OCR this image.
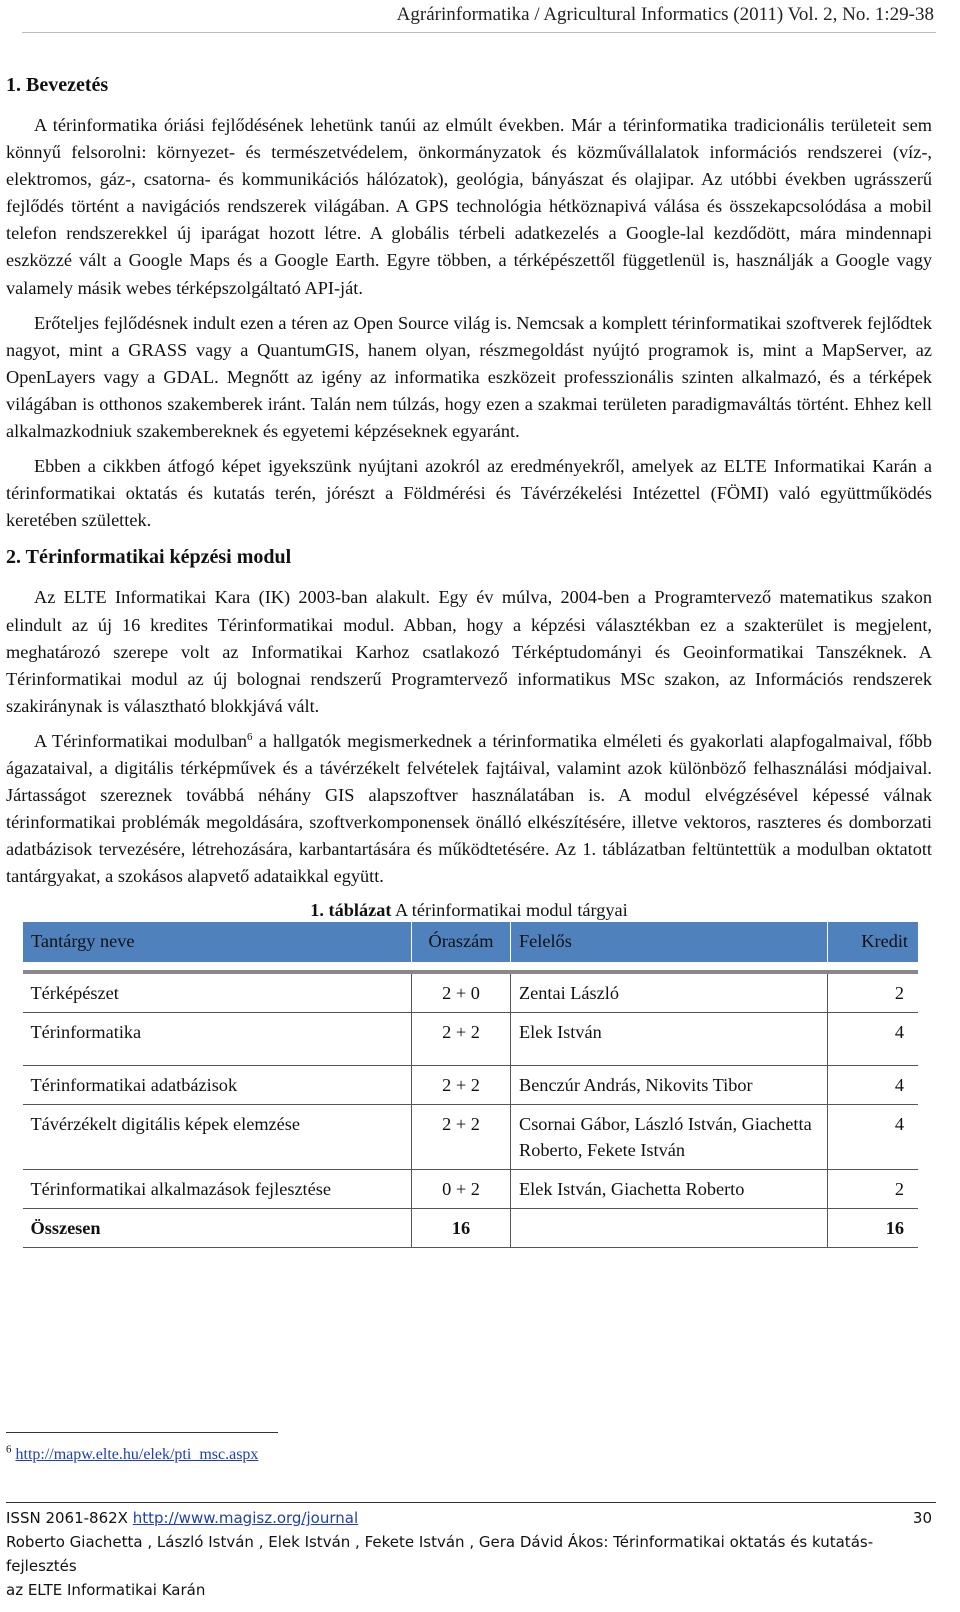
Agrárinformatika / Agricultural Informatics (2011) Vol. 2, No. 1:29-38
1. Bevezetés

A térinformatika óriási fejlődésének lehetünk tanúi az elmúlt években. Már a térinformatika tradicionális területeit sem könnyű felsorolni: környezet- és természetvédelem, önkormányzatok és közművállalatok információs rendszerei (víz-, elektromos, gáz-, csatorna- és kommunikációs hálózatok), geológia, bányászat és olajipar. Az utóbbi években ugrásszerű fejlődés történt a navigációs rendszerek világában. A GPS technológia hétköznapivá válása és összekapcsolódása a mobil telefon rendszerekkel új iparágat hozott létre. A globális térbeli adatkezelés a Google-lal kezdődött, mára mindennapi eszközzé vált a Google Maps és a Google Earth. Egyre többen, a térképészettől függetlenül is, használják a Google vagy valamely másik webes térképszolgáltató API-ját.

Erőteljes fejlődésnek indult ezen a téren az Open Source világ is. Nemcsak a komplett térinformatikai szoftverek fejlődtek nagyot, mint a GRASS vagy a QuantumGIS, hanem olyan, részmegoldást nyújtó programok is, mint a MapServer, az OpenLayers vagy a GDAL. Megnőtt az igény az informatika eszközeit professzionális szinten alkalmazó, és a térképek világában is otthonos szakemberek iránt. Talán nem túlzás, hogy ezen a szakmai területen paradigmaváltás történt. Ehhez kell alkalmazkodniuk szakembereknek és egyetemi képzéseknek egyaránt.

Ebben a cikkben átfogó képet igyekszünk nyújtani azokról az eredményekről, amelyek az ELTE Informatikai Karán a térinformatikai oktatás és kutatás terén, jórészt a Földmérési és Távérzékelési Intézettel (FÖMI) való együttműködés keretében születtek.

2. Térinformatikai képzési modul

Az ELTE Informatikai Kara (IK) 2003-ban alakult. Egy év múlva, 2004-ben a Programtervező matematikus szakon elindult az új 16 kredites Térinformatikai modul. Abban, hogy a képzési választékban ez a szakterület is megjelent, meghatározó szerepe volt az Informatikai Karhoz csatlakozó Térképtudományi és Geoinformatikai Tanszéknek. A Térinformatikai modul az új bolognai rendszerű Programtervező informatikus MSc szakon, az Információs rendszerek szakiránynak is választható blokkjává vált.

A Térinformatikai modulban$^6$ a hallgatók megismerkednek a térinformatika elméleti és gyakorlati alapfogalmaival, főbb ágazataival, a digitális térképművek és a távérzékelt felvételek fajtáival, valamint azok különböző felhasználási módjaival. Jártasságot szereznek továbbá néhány GIS alapszoftver használatában is. A modul elvégzésével képessé válnak térinformatikai problémák megoldására, szoftverkomponensek önálló elkészítésére, illetve vektoros, raszteres és domborzati adatbázisok tervezésére, létrehozására, karbantartására és működtetésére. Az 1. táblázatban feltüntettük a modulban oktatott tantárgyakat, a szokásos alapvető adataikkal együtt.

1. táblázat A térinformatikai modul tárgyai

Tantárgy neve	Óraszám	Felelős	Kredit

Térképészet	2 + 0	Zentai László	2
Térinformatika	2 + 2	Elek István	4
Térinformatikai adatbázisok	2 + 2	Benczúr András, Nikovits Tibor	4
Távérzékelt digitális képek elemzése	2 + 2	Csornai Gábor, László István, Giachetta Roberto, Fekete István	4
Térinformatikai alkalmazások fejlesztése	0 + 2	Elek István, Giachetta Roberto	2
Összesen	16		16
$^6$ http://mapw.elte.hu/elek/pti_msc.aspx
ISSN 2061-862X http://www.magisz.org/journal	30
Roberto Giachetta , László István , Elek István , Fekete István , Gera Dávid Ákos: Térinformatikai oktatás és kutatás-fejlesztés
az ELTE Informatikai Karán
